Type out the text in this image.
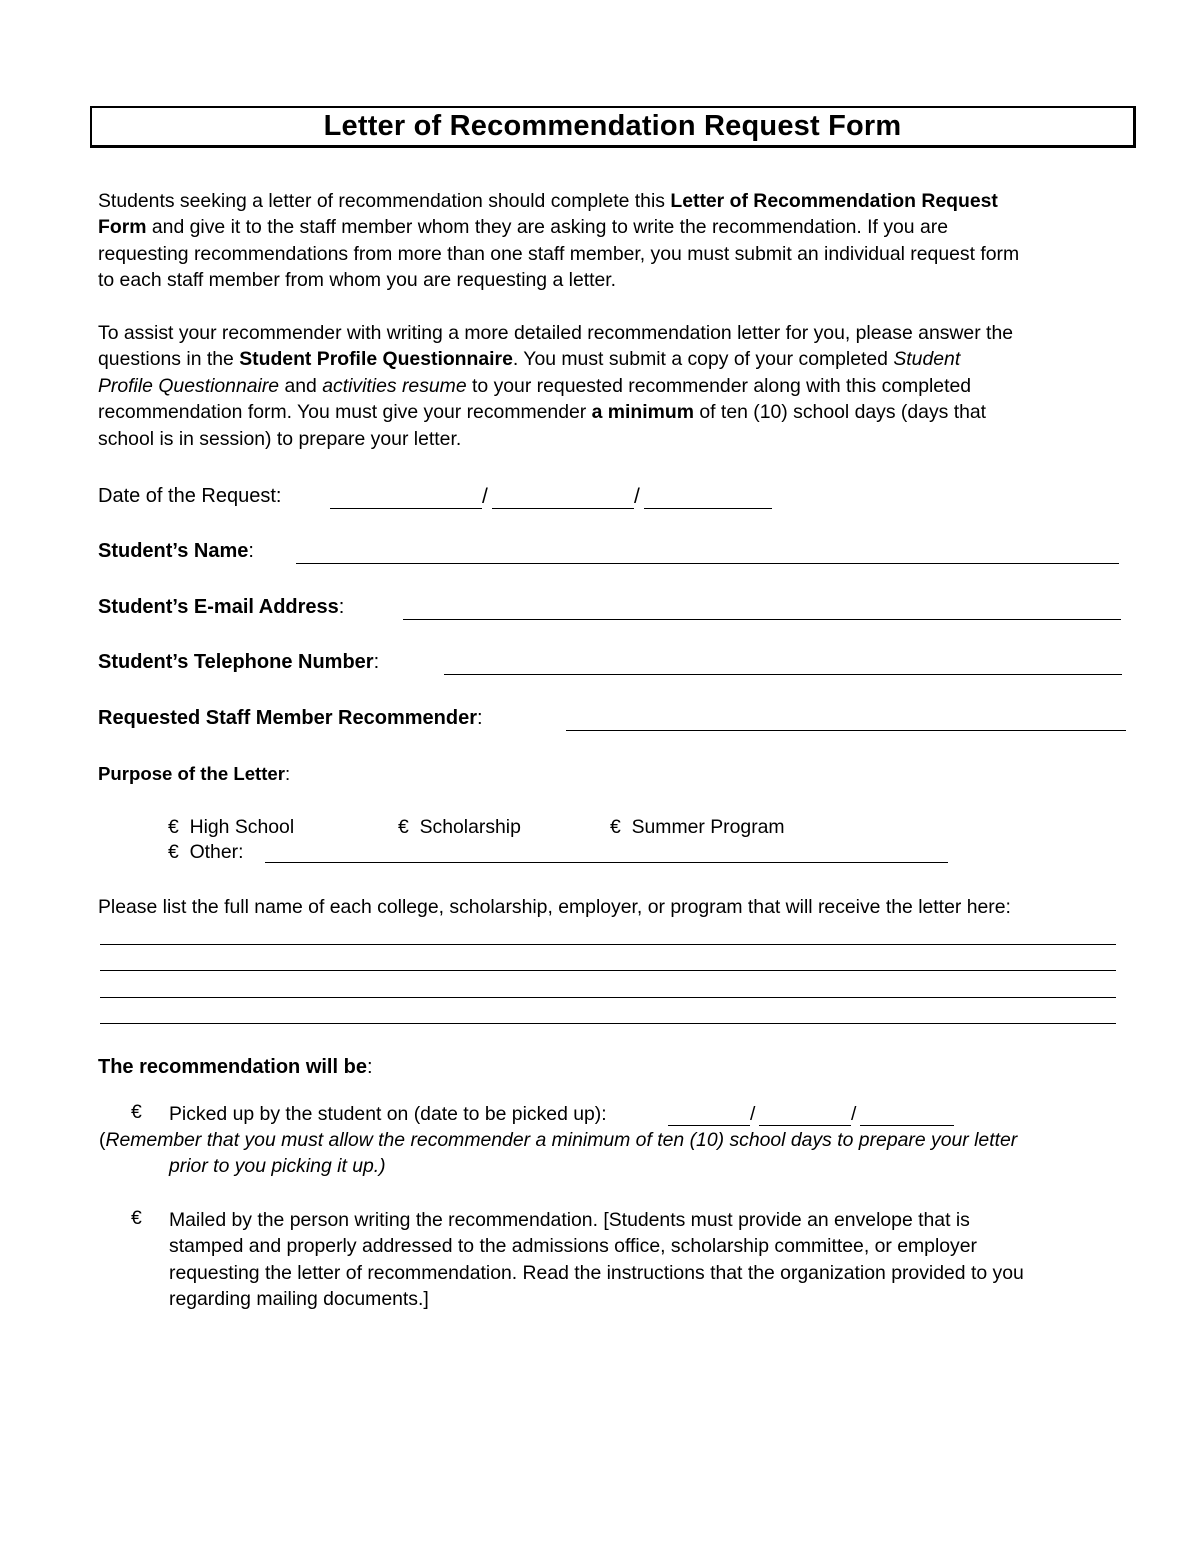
Letter of Recommendation Request Form
Students seeking a letter of recommendation should complete this Letter of Recommendation Request
Form and give it to the staff member whom they are asking to write the recommendation. If you are
requesting recommendations from more than one staff member, you must submit an individual request form
to each staff member from whom you are requesting a letter.
To assist your recommender with writing a more detailed recommendation letter for you, please answer the
questions in the Student Profile Questionnaire. You must submit a copy of your completed Student
Profile Questionnaire and activities resume to your requested recommender along with this completed
recommendation form. You must give your recommender a minimum of ten (10) school days (days that
school is in session) to prepare your letter.
Date of the Request:	/	/
Student’s Name:
Student’s E-mail Address:
Student’s Telephone Number:
Requested Staff Member Recommender:
Purpose of the Letter:
€ High School	€ Scholarship	€ Summer Program
€ Other:
Please list the full name of each college, scholarship, employer, or program that will receive the letter here:
The recommendation will be:
€ Picked up by the student on (date to be picked up):	/	/
(Remember that you must allow the recommender a minimum of ten (10) school days to prepare your letter
prior to you picking it up.)
€ Mailed by the person writing the recommendation. [Students must provide an envelope that is
stamped and properly addressed to the admissions office, scholarship committee, or employer
requesting the letter of recommendation. Read the instructions that the organization provided to you
regarding mailing documents.]
